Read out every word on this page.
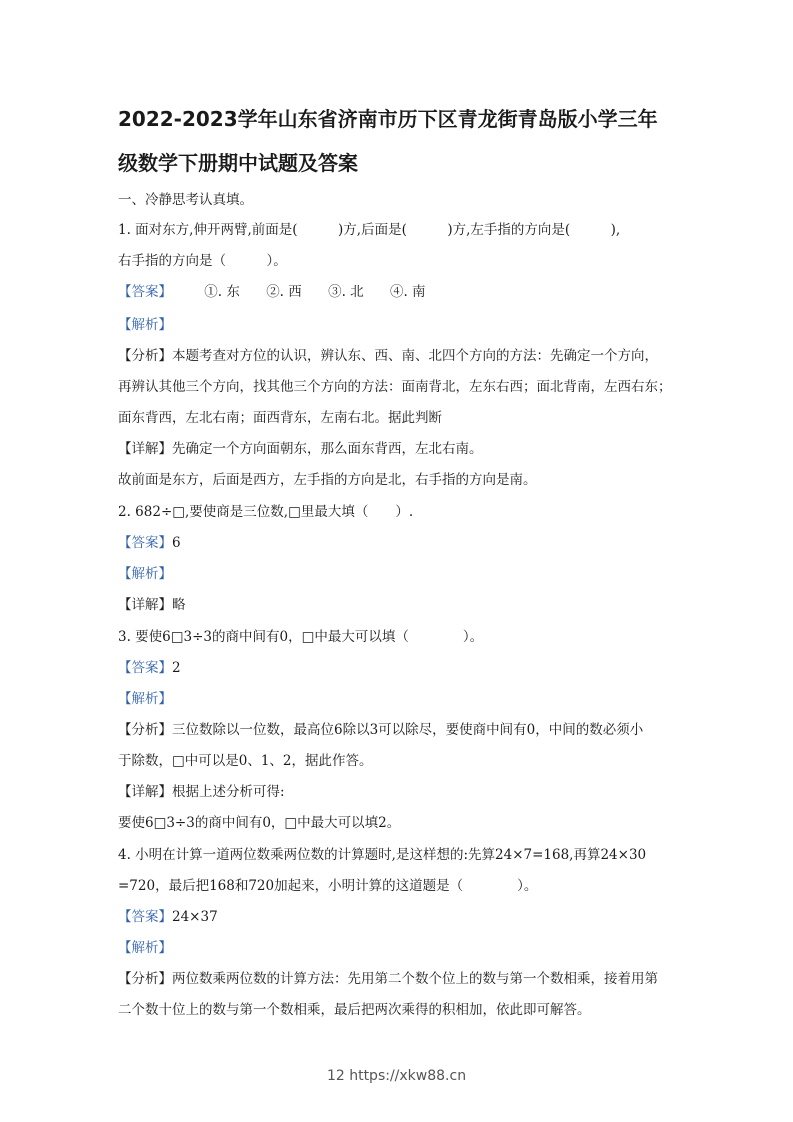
2022-2023学年山东省济南市历下区青龙街青岛版小学三年
级数学下册期中试题及答案
一、冷静思考认真填。
1. 面对东方,伸开两臂,前面是(　　　)方,后面是(　　　)方,左手指的方向是(　　　),
右手指的方向是（　　　）。
【答案】 ①. 东 ②. 西 ③. 北 ④. 南
【解析】
【分析】本题考查对方位的认识，辨认东、西、南、北四个方向的方法：先确定一个方向，
再辨认其他三个方向，找其他三个方向的方法：面南背北，左东右西；面北背南，左西右东；
面东背西，左北右南；面西背东，左南右北。据此判断
【详解】先确定一个方向面朝东，那么面东背西，左北右南。
故前面是东方，后面是西方，左手指的方向是北，右手指的方向是南。
2. 682÷□,要使商是三位数,□里最大填（　　）.
【答案】6
【解析】
【详解】略
3. 要使6□3÷3的商中间有0，□中最大可以填（　　　　）。
【答案】2
【解析】
【分析】三位数除以一位数，最高位6除以3可以除尽，要使商中间有0，中间的数必须小
于除数，□中可以是0、1、2，据此作答。
【详解】根据上述分析可得:
要使6□3÷3的商中间有0，□中最大可以填2。
4. 小明在计算一道两位数乘两位数的计算题时,是这样想的:先算24×7=168,再算24×30
=720，最后把168和720加起来，小明计算的这道题是（　　　　）。
【答案】24×37
【解析】
【分析】两位数乘两位数的计算方法：先用第二个数个位上的数与第一个数相乘，接着用第
二个数十位上的数与第一个数相乘，最后把两次乘得的积相加，依此即可解答。
12 https://xkw88.cn
